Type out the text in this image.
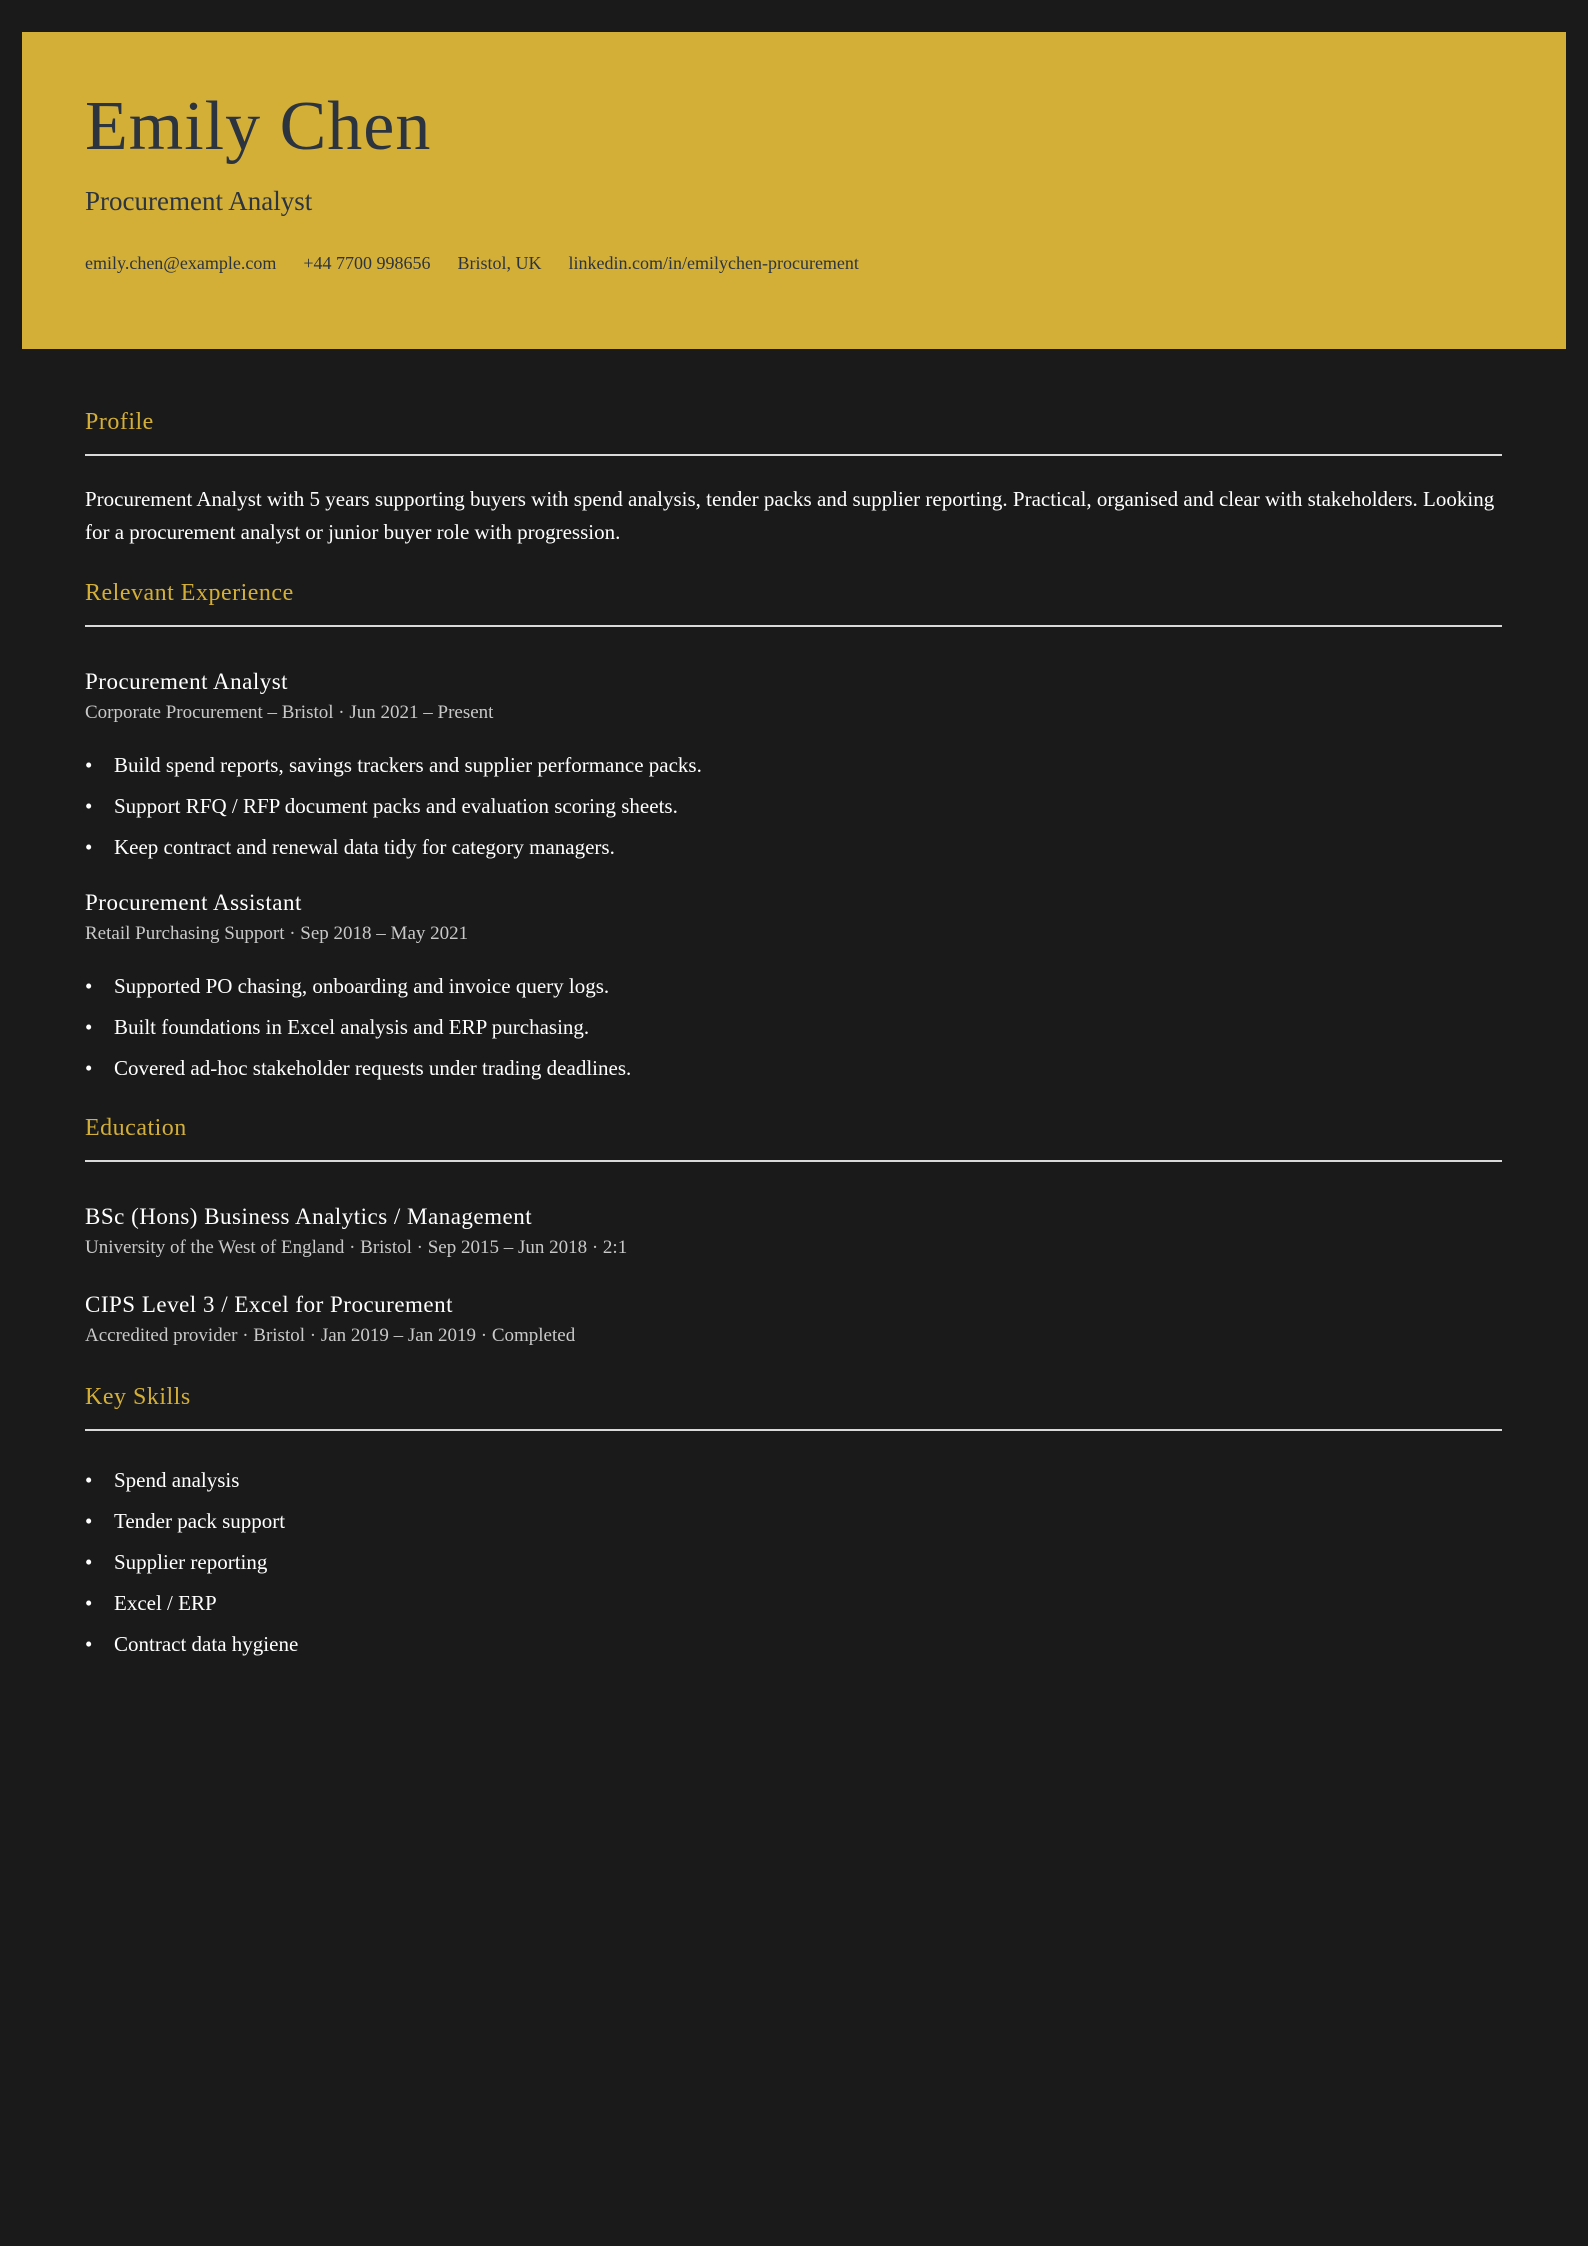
Emily Chen
Procurement Analyst
emily.chen@example.com +44 7700 998656 Bristol, UK linkedin.com/in/emilychen-procurement
Profile
Procurement Analyst with 5 years supporting buyers with spend analysis, tender packs and supplier reporting. Practical, organised and clear with stakeholders. Looking for a procurement analyst or junior buyer role with progression.
Relevant Experience
Procurement Analyst
Corporate Procurement – Bristol · Jun 2021 – Present
• Build spend reports, savings trackers and supplier performance packs.
• Support RFQ / RFP document packs and evaluation scoring sheets.
• Keep contract and renewal data tidy for category managers.
Procurement Assistant
Retail Purchasing Support · Sep 2018 – May 2021
• Supported PO chasing, onboarding and invoice query logs.
• Built foundations in Excel analysis and ERP purchasing.
• Covered ad-hoc stakeholder requests under trading deadlines.
Education
BSc (Hons) Business Analytics / Management
University of the West of England · Bristol · Sep 2015 – Jun 2018 · 2:1
CIPS Level 3 / Excel for Procurement
Accredited provider · Bristol · Jan 2019 – Jan 2019 · Completed
Key Skills
• Spend analysis
• Tender pack support
• Supplier reporting
• Excel / ERP
• Contract data hygiene
